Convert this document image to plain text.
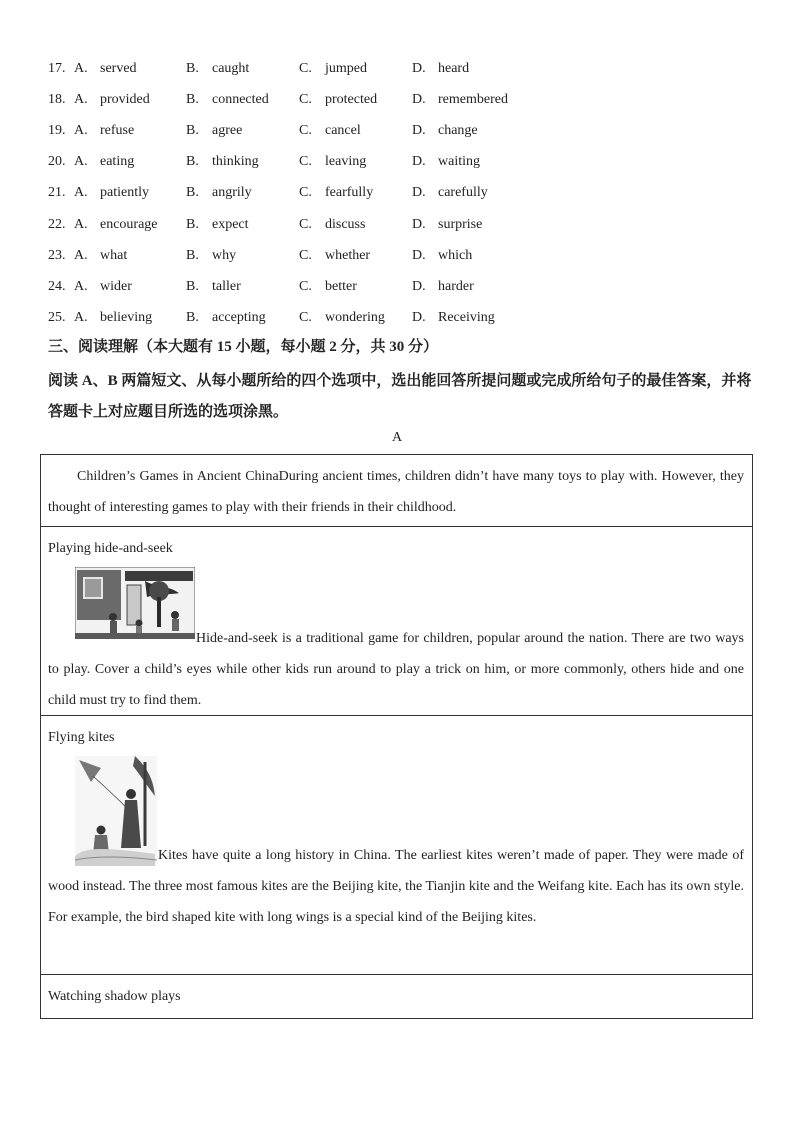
17. A. served	B. caught	C. jumped	D. heard
18. A. provided	B. connected C. protected D. remembered
19. A. refuse	B. agree	C. cancel	D. change
20. A. eating	B. thinking	C. leaving	D. waiting
21. A. patiently	B. angrily	C. fearfully	D. carefully
22. A. encourage B. expect	C. discuss	D. surprise
23. A. what	B. why	C. whether	D. which
24. A. wider	B. taller	C. better	D. harder
25. A. believing B. accepting C. wondering D. Receiving
三、阅读理解（本大题有 15 小题，每小题 2 分，共 30 分）
阅读 A、B 两篇短文、从每小题所给的四个选项中，选出能回答所提问题或完成所给句子的最佳答案，并将答题卡上对应题目所选的选项涂黑。
A

Children’s Games in Ancient ChinaDuring ancient times, children didn’t have many toys to play with. However, they thought of interesting games to play with their friends in their childhood.

Playing hide-and-seek
Hide-and-seek is a traditional game for children, popular around the nation. There are two ways to play. Cover a child’s eyes while other kids run around to play a trick on him, or more commonly, others hide and one child must try to find them.
Flying kites
Kites have quite a long history in China. The earliest kites weren’t made of paper. They were made of wood instead. The three most famous kites are the Beijing kite, the Tianjin kite and the Weifang kite. Each has its own style. For example, the bird shaped kite with long wings is a special kind of the Beijing kites.
Watching shadow plays
